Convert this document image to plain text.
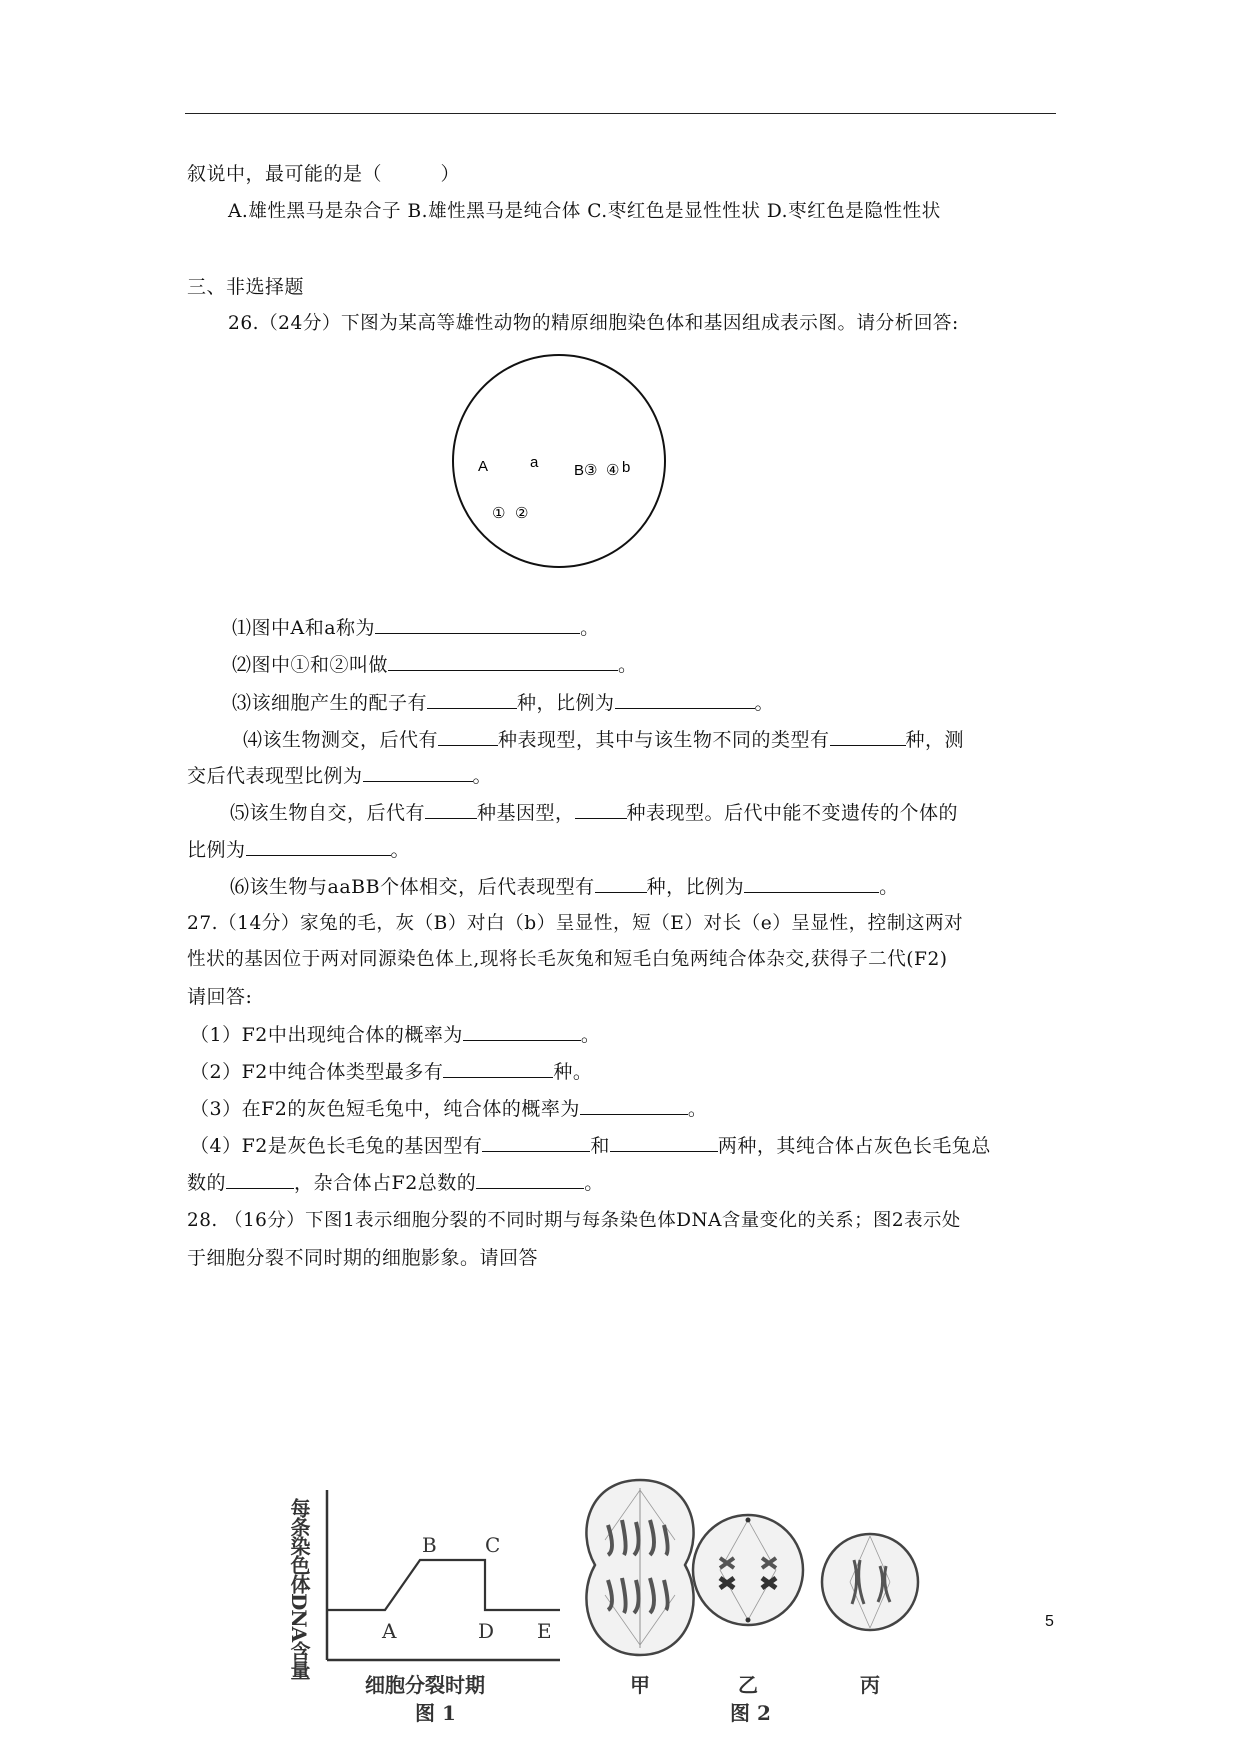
叙说中，最可能的是（　　　）
A.雄性黑马是杂合子 B.雄性黑马是纯合体 C.枣红色是显性性状 D.枣红色是隐性性状
三、非选择题
26.（24分）下图为某高等雄性动物的精原细胞染色体和基因组成表示图。请分析回答:
A	a B ③ ④ b
① ②
⑴图中A和a称为	。
⑵图中①和②叫做	。
⑶该细胞产生的配子有	种，比例为	。
⑷该生物测交，后代有	种表现型，其中与该生物不同的类型有	种，测
交后代表现型比例为	。
⑸该生物自交，后代有	种基因型，	种表现型。后代中能不变遗传的个体的
比例为	。
⑹该生物与aaBB个体相交，后代表现型有	种，比例为	。
27.（14分）家兔的毛，灰（B）对白（b）呈显性，短（E）对长（e）呈显性，控制这两对
性状的基因位于两对同源染色体上,现将长毛灰兔和短毛白兔两纯合体杂交,获得子二代(F2)
请回答:
（1）F2中出现纯合体的概率为	。
（2）F2中纯合体类型最多有	种。
（3）在F2的灰色短毛兔中，纯合体的概率为	。
（4）F2是灰色长毛兔的基因型有	和	两种，其纯合体占灰色长毛兔总
数的	，杂合体占F2总数的	。
28. （16分）下图1表示细胞分裂的不同时期与每条染色体DNA含量变化的关系；图2表示处
于细胞分裂不同时期的细胞影象。请回答
每条染色体DNA含量	A
B C
D E
细胞分裂时期
图 1
甲	乙	丙
图 2
5
